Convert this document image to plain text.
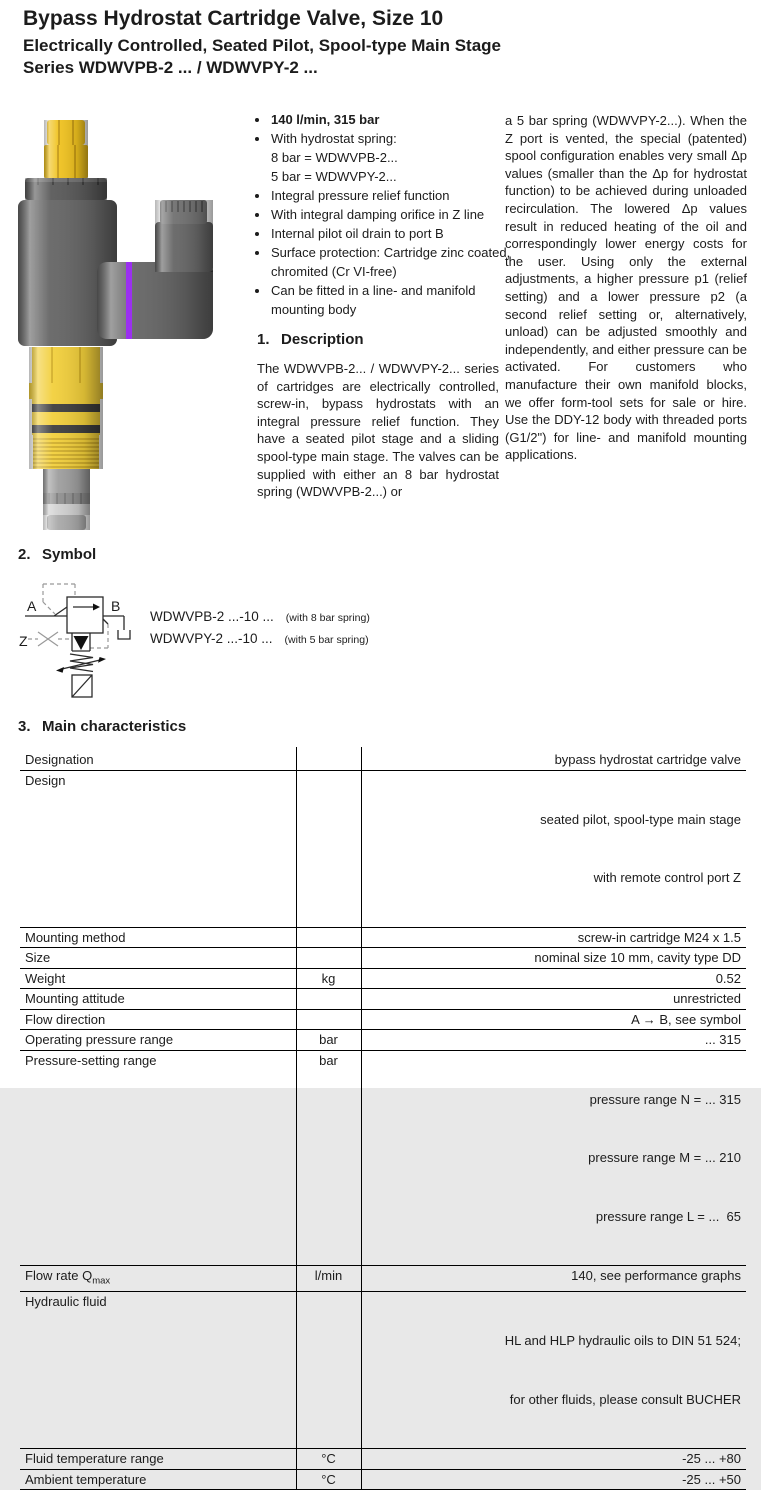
Bypass Hydrostat Cartridge Valve, Size 10
Electrically Controlled, Seated Pilot, Spool-type Main Stage
Series WDWVPB-2 ... / WDWVPY-2 ...
• 140 l/min, 315 bar
• With hydrostat spring:
8 bar = WDWVPB-2...
5 bar = WDWVPY-2...
• Integral pressure relief function
• With integral damping orifice in Z line
• Internal pilot oil drain to port B
• Surface protection: Cartridge zinc coated, chromited (Cr VI-free)
• Can be fitted in a line- and manifold mounting body
1. Description

The WDWVPB-2... / WDWVPY-2... series of cartridges are electrically controlled, screw-in, bypass hydrostats with an integral pressure relief function. They have a seated pilot stage and a sliding spool-type main stage. The valves can be supplied with either an 8 bar hydrostat spring (WDWVPB-2...) or

a 5 bar spring (WDWVPY-2...). When the Z port is vented, the special (patented) spool configuration enables very small Δp values (smaller than the Δp for hydrostat function) to be achieved during unloaded recirculation. The lowered Δp values result in reduced heating of the oil and correspondingly lower energy costs for the user. Using only the external adjustments, a higher pressure p1 (relief setting) and a lower pressure p2 (a second relief setting or, alternatively, unload) can be adjusted smoothly and independently, and either pressure can be activated. For customers who manufacture their own manifold blocks, we offer form-tool sets for sale or hire. Use the DDY-12 body with threaded ports (G1/2") for line- and manifold mounting applications.

2. Symbol
A	B
Z
WDWVPB-2 ...-10 ... (with 8 bar spring)
WDWVPY-2 ...-10 ... (with 5 bar spring)
3. Main characteristics
Designation		bypass hydrostat cartridge valve

Design		seated pilot, spool-type main stage

with remote control port Z

Mounting method		screw-in cartridge M24 x 1.5

Size		nominal size 10 mm, cavity type DD

Weight	kg	0.52

Mounting attitude		unrestricted

Flow direction		A → B, see symbol

Operating pressure range	bar	... 315

Pressure-setting range	bar	pressure range N = ... 315

pressure range M = ... 210

pressure range L = ...  65

Flow rate $Q_{max}$	l/min	140, see performance graphs

Hydraulic fluid		HL and HLP hydraulic oils to DIN 51 524;

for other fluids, please consult BUCHER

Fluid temperature range	°C	-25 ... +80

Ambient temperature	°C	-25 ... +50
